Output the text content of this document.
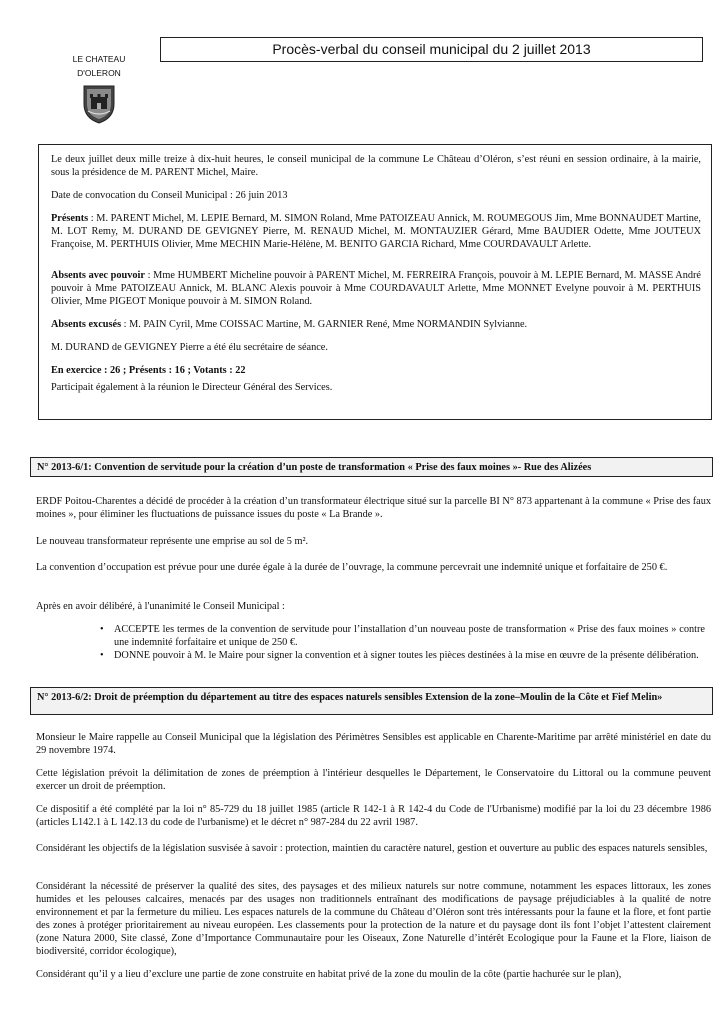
Procès-verbal du conseil municipal du 2 juillet 2013
LE CHATEAU
D'OLERON

Le deux juillet deux mille treize à dix-huit heures, le conseil municipal de la commune Le Château d’Oléron, s’est réuni en session ordinaire, à la mairie, sous la présidence de M. PARENT Michel, Maire.

Date de convocation du Conseil Municipal : 26 juin 2013

Présents : M. PARENT Michel, M. LEPIE Bernard, M. SIMON Roland, Mme PATOIZEAU Annick, M. ROUMEGOUS Jim, Mme BONNAUDET Martine, M. LOT Remy, M. DURAND DE GEVIGNEY Pierre, M. RENAUD Michel, M. MONTAUZIER Gérard, Mme BAUDIER Odette, Mme JOUTEUX Françoise, M. PERTHUIS Olivier, Mme MECHIN Marie-Hélène, M. BENITO GARCIA Richard, Mme COURDAVAULT Arlette.

Absents avec pouvoir : Mme HUMBERT Micheline pouvoir à PARENT Michel, M. FERREIRA François, pouvoir à M. LEPIE Bernard, M. MASSE André pouvoir à Mme PATOIZEAU Annick, M. BLANC Alexis pouvoir à Mme COURDAVAULT Arlette, Mme MONNET Evelyne pouvoir à M. PERTHUIS Olivier, Mme PIGEOT Monique pouvoir à M. SIMON Roland.

Absents excusés : M. PAIN Cyril, Mme COISSAC Martine, M. GARNIER René, Mme NORMANDIN Sylvianne.

M. DURAND de GEVIGNEY Pierre a été élu secrétaire de séance.

En exercice : 26 ; Présents : 16 ; Votants : 22

Participait également à la réunion le Directeur Général des Services.

N° 2013-6/1: Convention de servitude pour la création d’un poste de transformation « Prise des faux moines »- Rue des Alizées
ERDF Poitou-Charentes a décidé de procéder à la création d’un transformateur électrique situé sur la parcelle BI N° 873 appartenant à la commune « Prise des faux moines », pour éliminer les fluctuations de puissance issues du poste « La Brande ».
Le nouveau transformateur représente une emprise au sol de 5 m².
La convention d’occupation est prévue pour une durée égale à la durée de l’ouvrage, la commune percevrait une indemnité unique et forfaitaire de 250 €.
Après en avoir délibéré, à l'unanimité le Conseil Municipal :
•	ACCEPTE les termes de la convention de servitude pour l’installation d’un nouveau poste de transformation « Prise des faux moines » contre une indemnité forfaitaire et unique de 250 €.
•	DONNE pouvoir à M. le Maire pour signer la convention et à signer toutes les pièces destinées à la mise en œuvre de la présente délibération.
N° 2013-6/2: Droit de préemption du département au titre des espaces naturels sensibles Extension de la zone–Moulin de la Côte et Fief Melin»
Monsieur le Maire rappelle au Conseil Municipal que la législation des Périmètres Sensibles est applicable en Charente-Maritime par arrêté ministériel en date du 29 novembre 1974.
Cette législation prévoit la délimitation de zones de préemption à l'intérieur desquelles le Département, le Conservatoire du Littoral ou la commune peuvent exercer un droit de préemption.
Ce dispositif a été complété par la loi n° 85-729 du 18 juillet 1985 (article R 142-1 à R 142-4 du Code de l'Urbanisme) modifié par la loi du 23 décembre 1986 (articles L142.1 à L 142.13 du code de l'urbanisme) et le décret n° 987-284 du 22 avril 1987.
Considérant les objectifs de la législation susvisée à savoir : protection, maintien du caractère naturel, gestion et ouverture au public des espaces naturels sensibles,
Considérant la nécessité de préserver la qualité des sites, des paysages et des milieux naturels sur notre commune, notamment les espaces littoraux, les zones humides et les pelouses calcaires, menacés par des usages non traditionnels entraînant des modifications de paysage préjudiciables à la qualité de notre environnement et par la fermeture du milieu. Les espaces naturels de la commune du Château d’Oléron sont très intéressants pour la faune et la flore, et font partie des zones à protéger prioritairement au niveau européen. Les classements pour la protection de la nature et du paysage dont ils font l’objet l’attestent clairement (zone Natura 2000, Site classé, Zone d’Importance Communautaire pour les Oiseaux, Zone Naturelle d’intérêt Ecologique pour la Faune et la Flore, liaison de biodiversité, corridor écologique),
Considérant qu’il y a lieu d’exclure une partie de zone construite en habitat privé de la zone du moulin de la côte (partie hachurée sur le plan),
